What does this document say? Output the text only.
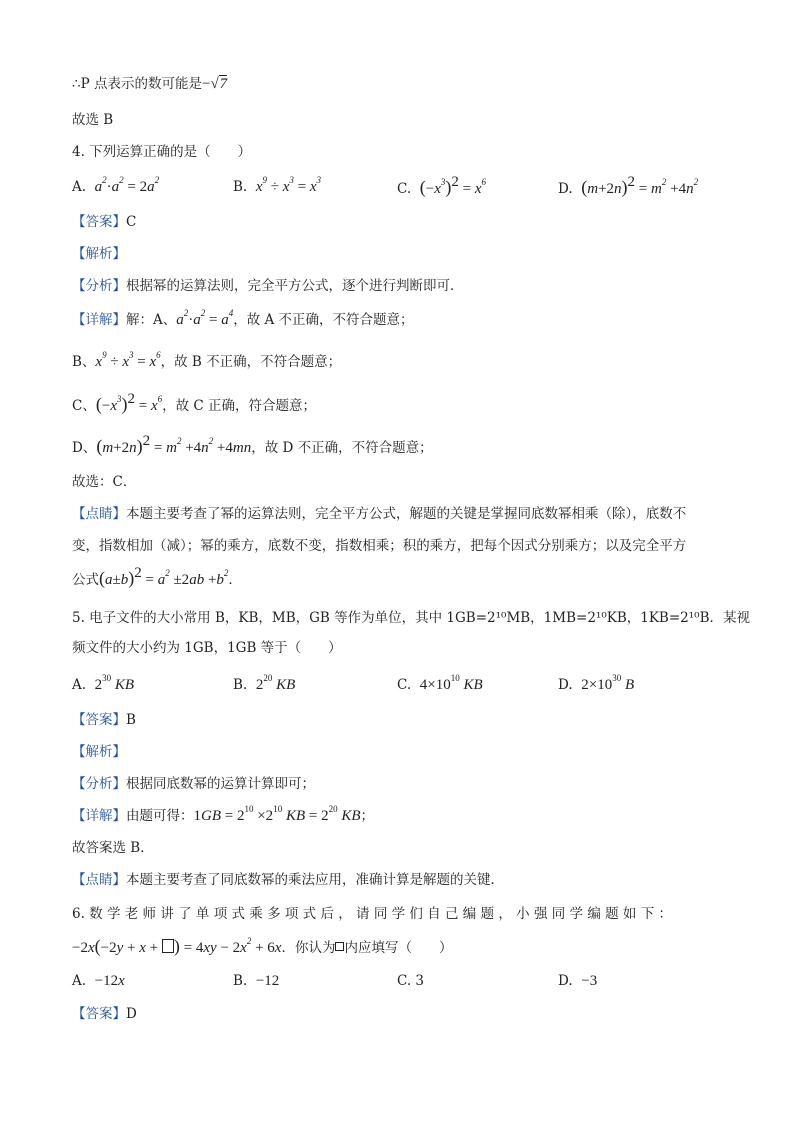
∴P 点表示的数可能是−√7
故选 B
4. 下列运算正确的是（　　）
A. $a^2\cdot a^2 = 2a^2$	B. $x^9 \div x^3 = x^3$
C. $(-x^3)^2 = x^6$	D. $(m+2n)^2 = m^2 +4n^2$
【答案】C
【解析】
【分析】根据幂的运算法则，完全平方公式，逐个进行判断即可．
【详解】解：A、$a^2\cdot a^2 = a^4$，故 A 不正确，不符合题意；
B、$x^9 \div x^3 = x^6$，故 B 不正确，不符合题意；
C、$(-x^3)^2 = x^6$，故 C 正确，符合题意；
D、$(m+2n)^2 = m^2 +4n^2 +4mn$，故 D 不正确，不符合题意；
故选：C．
【点睛】本题主要考查了幂的运算法则，完全平方公式，解题的关键是掌握同底数幂相乘（除），底数不
变，指数相加（减）；幂的乘方，底数不变，指数相乘；积的乘方，把每个因式分别乘方；以及完全平方
公式$(a\pm b)^2 = a^2 \pm 2ab +b^2$．
5. 电子文件的大小常用 B，KB，MB，GB 等作为单位，其中 1GB=2¹⁰MB，1MB=2¹⁰KB，1KB=2¹⁰B．某视
频文件的大小约为 1GB，1GB 等于（　　）
A. $2^{30}$ KB	B. $2^{20}$ KB	C. $4\times 10^{10}$ KB	D. $2\times 10^{30}$ B
【答案】B
【解析】
【分析】根据同底数幂的运算计算即可；
【详解】由题可得：$1GB = 2^{10} \times 2^{10}$ KB = $2^{20}$ KB；
故答案选 B．
【点睛】本题主要考查了同底数幂的乘法应用，准确计算是解题的关键．
6. 数 学 老 师 讲 了 单 项 式 乘 多 项 式 后 ， 请 同 学 们 自 己 编 题 ， 小 强 同 学 编 题 如 下 ：
−2x(−2y + x + ) = $4xy - 2x^2 + 6x$．你认为 内应填写（　　）
A. −12x	B. −12	C. 3	D. −3
【答案】D
